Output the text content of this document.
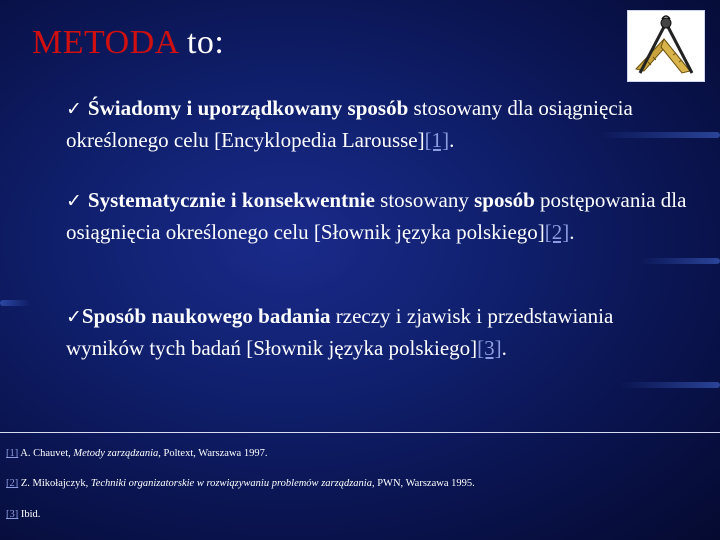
METODA to:
✓ Świadomy i uporządkowany sposób stosowany dla osiągnięcia określonego celu [Encyklopedia Larousse][1].
✓ Systematycznie i konsekwentnie stosowany sposób postępowania dla osiągnięcia określonego celu [Słownik języka polskiego][2].
✓Sposób naukowego badania rzeczy i zjawisk i przedstawiania wyników tych badań [Słownik języka polskiego][3].
[1] A. Chauvet, Metody zarządzania, Poltext, Warszawa 1997.
[2] Z. Mikołajczyk, Techniki organizatorskie w rozwiązywaniu problemów zarządzania, PWN, Warszawa 1995.
[3] Ibid.
